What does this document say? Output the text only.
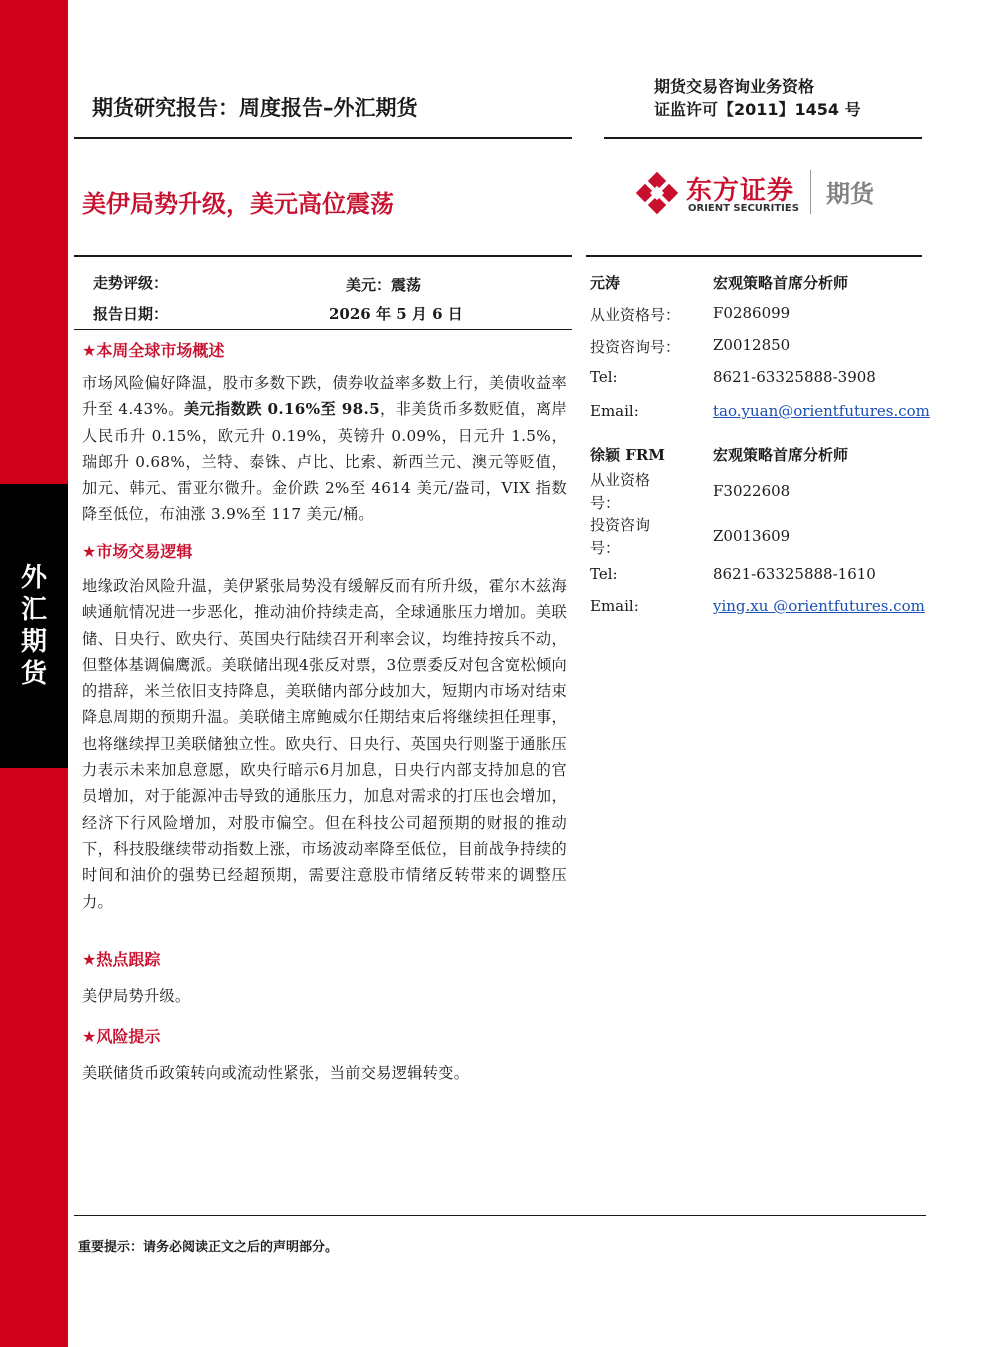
外汇期货
期货研究报告：周度报告–外汇期货
期货交易咨询业务资格
证监许可【2011】1454 号
美伊局势升级，美元高位震荡	东方证券
ORIENT SECURITIES
期货
走势评级：	美元：震荡
报告日期：	2026 年 5 月 6 日
★本周全球市场概述
市场风险偏好降温，股市多数下跌，债券收益率多数上行，美债收益率升至 4.43%。美元指数跌 0.16%至 98.5，非美货币多数贬值，离岸人民币升 0.15%，欧元升 0.19%，英镑升 0.09%，日元升 1.5%，瑞郎升 0.68%，兰特、泰铢、卢比、比索、新西兰元、澳元等贬值，加元、韩元、雷亚尔微升。金价跌 2%至 4614 美元/盎司，VIX 指数降至低位，布油涨 3.9%至 117 美元/桶。
★市场交易逻辑
地缘政治风险升温，美伊紧张局势没有缓解反而有所升级，霍尔木兹海峡通航情况进一步恶化，推动油价持续走高，全球通胀压力增加。美联储、日央行、欧央行、英国央行陆续召开利率会议，均维持按兵不动，但整体基调偏鹰派。美联储出现4张反对票，3位票委反对包含宽松倾向的措辞，米兰依旧支持降息，美联储内部分歧加大，短期内市场对结束降息周期的预期升温。美联储主席鲍威尔任期结束后将继续担任理事，也将继续捍卫美联储独立性。欧央行、日央行、英国央行则鉴于通胀压力表示未来加息意愿，欧央行暗示6月加息，日央行内部支持加息的官员增加，对于能源冲击导致的通胀压力，加息对需求的打压也会增加，经济下行风险增加，对股市偏空。但在科技公司超预期的财报的推动下，科技股继续带动指数上涨，市场波动率降至低位，目前战争持续的时间和油价的强势已经超预期，需要注意股市情绪反转带来的调整压力。
★热点跟踪
美伊局势升级。
★风险提示
美联储货币政策转向或流动性紧张，当前交易逻辑转变。
元涛	宏观策略首席分析师
从业资格号： F0286099
投资咨询号： Z0012850
Tel:	8621-63325888-3908
Email:	tao.yuan@orientfutures.com
徐颖 FRM	宏观策略首席分析师
从业资格号：
F3022608
投资咨询号：
Z0013609
Tel:	8621-63325888-1610
Email:	ying.xu @orientfutures.com
重要提示：请务必阅读正文之后的声明部分。
